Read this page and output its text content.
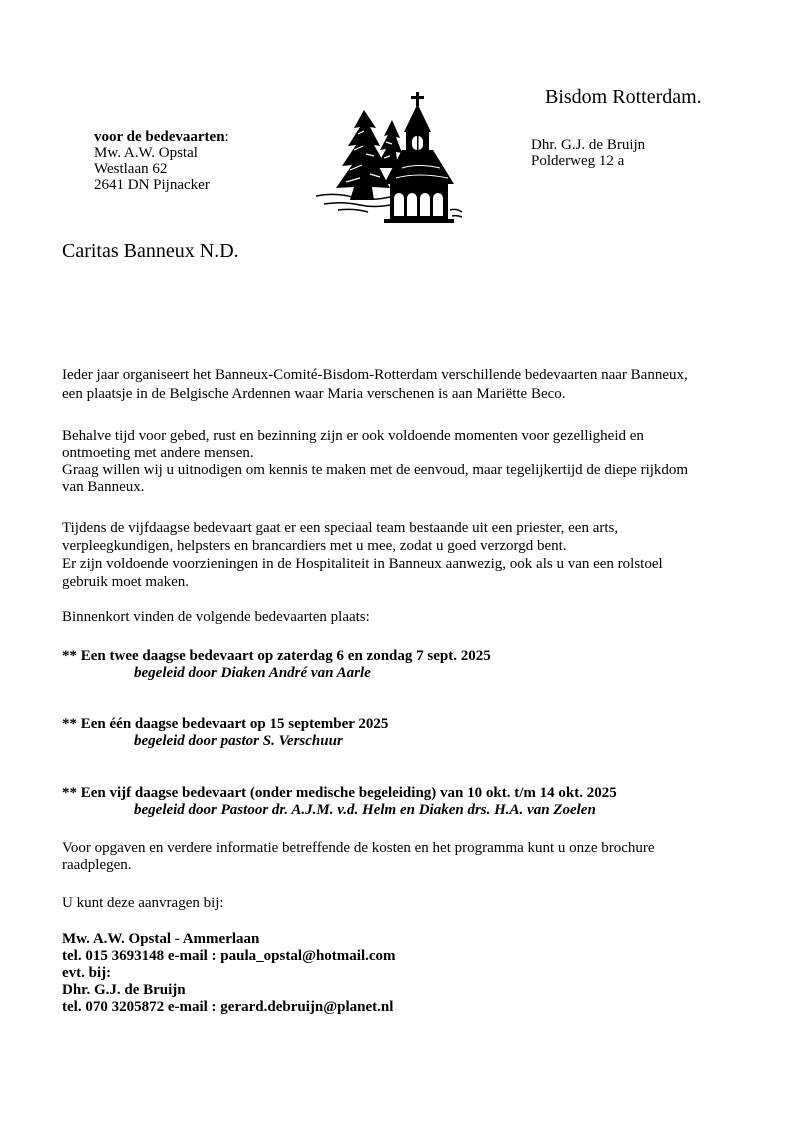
Bisdom Rotterdam.
voor de bedevaarten:
Mw. A.W. Opstal
Westlaan 62
2641 DN Pijnacker
Dhr. G.J. de Bruijn
Polderweg 12 a
Caritas Banneux N.D.
Ieder jaar organiseert het Banneux-Comité-Bisdom-Rotterdam verschillende bedevaarten naar Banneux,
een plaatsje in de Belgische Ardennen waar Maria verschenen is aan Mariëtte Beco.
Behalve tijd voor gebed, rust en bezinning zijn er ook voldoende momenten voor gezelligheid en
ontmoeting met andere mensen.
Graag willen wij u uitnodigen om kennis te maken met de eenvoud, maar tegelijkertijd de diepe rijkdom
van Banneux.
Tijdens de vijfdaagse bedevaart gaat er een speciaal team bestaande uit een priester, een arts,
verpleegkundigen, helpsters en brancardiers met u mee, zodat u goed verzorgd bent.
Er zijn voldoende voorzieningen in de Hospitaliteit in Banneux aanwezig, ook als u van een rolstoel
gebruik moet maken.
Binnenkort vinden de volgende bedevaarten plaats:
** Een twee daagse bedevaart op zaterdag 6 en zondag 7 sept. 2025
begeleid door Diaken André van Aarle
** Een één daagse bedevaart op 15 september 2025
begeleid door pastor S. Verschuur
** Een vijf daagse bedevaart (onder medische begeleiding) van 10 okt. t/m 14 okt. 2025
begeleid door Pastoor dr. A.J.M. v.d. Helm en Diaken drs. H.A. van Zoelen
Voor opgaven en verdere informatie betreffende de kosten en het programma kunt u onze brochure
raadplegen.
U kunt deze aanvragen bij:
Mw. A.W. Opstal - Ammerlaan
tel. 015 3693148 e-mail : paula_opstal@hotmail.com
evt. bij:
Dhr. G.J. de Bruijn
tel. 070 3205872 e-mail : gerard.debruijn@planet.nl
